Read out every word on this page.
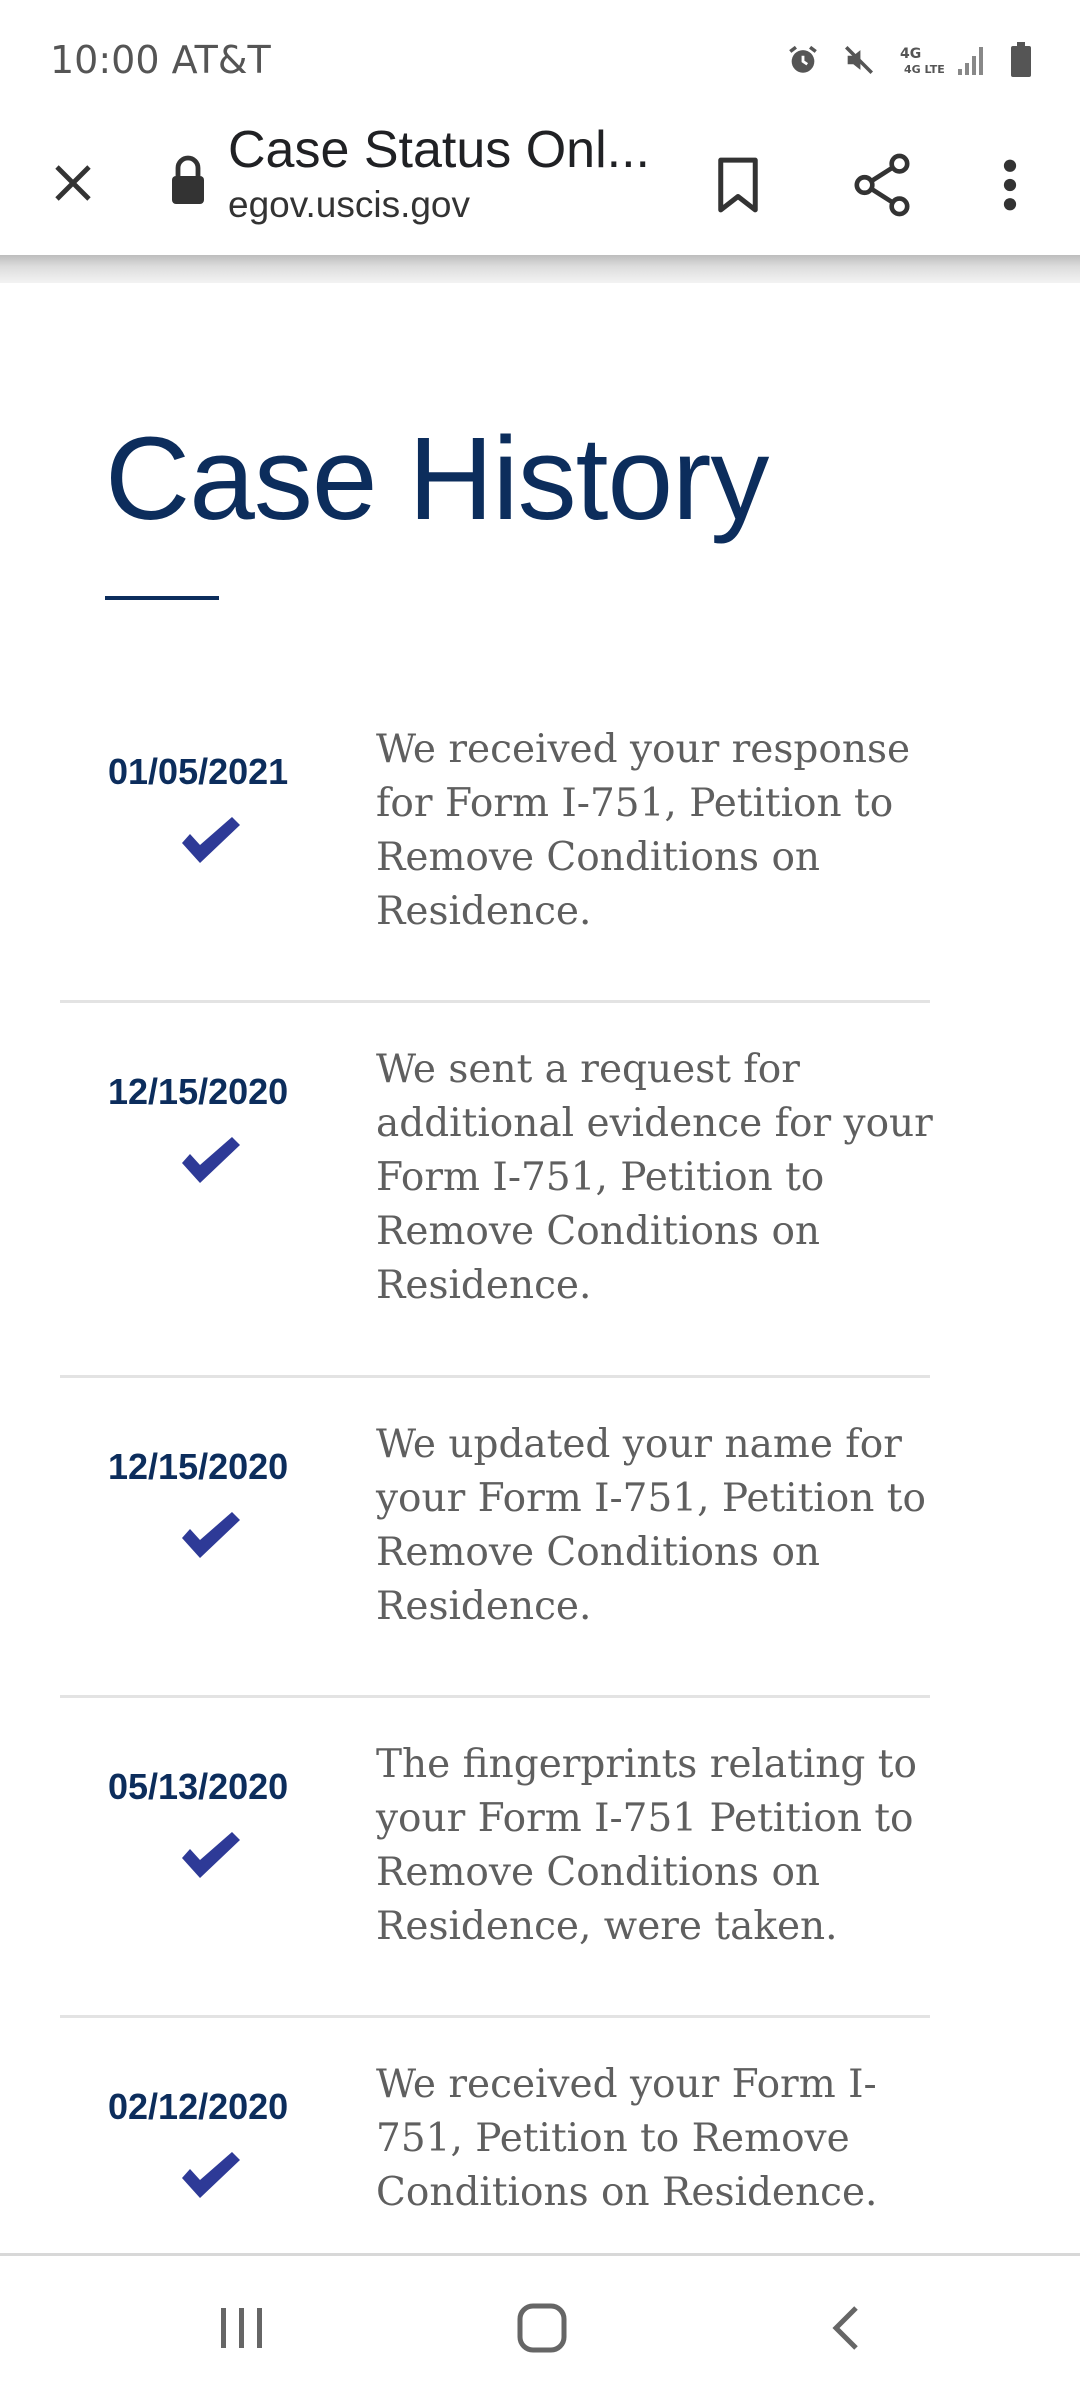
10:00 AT&T	4G
4G LTE
Case Status Onl...
egov.uscis.gov
Case History
01/05/2021 We received your response for Form I-751, Petition to Remove Conditions on Residence.
12/15/2020 We sent a request for additional evidence for your Form I-751, Petition to Remove Conditions on Residence.
12/15/2020 We updated your name for your Form I-751, Petition to Remove Conditions on Residence.
05/13/2020 The fingerprints relating to your Form I-751 Petition to Remove Conditions on Residence, were taken.
02/12/2020 We received your Form I-751, Petition to Remove Conditions on Residence.
